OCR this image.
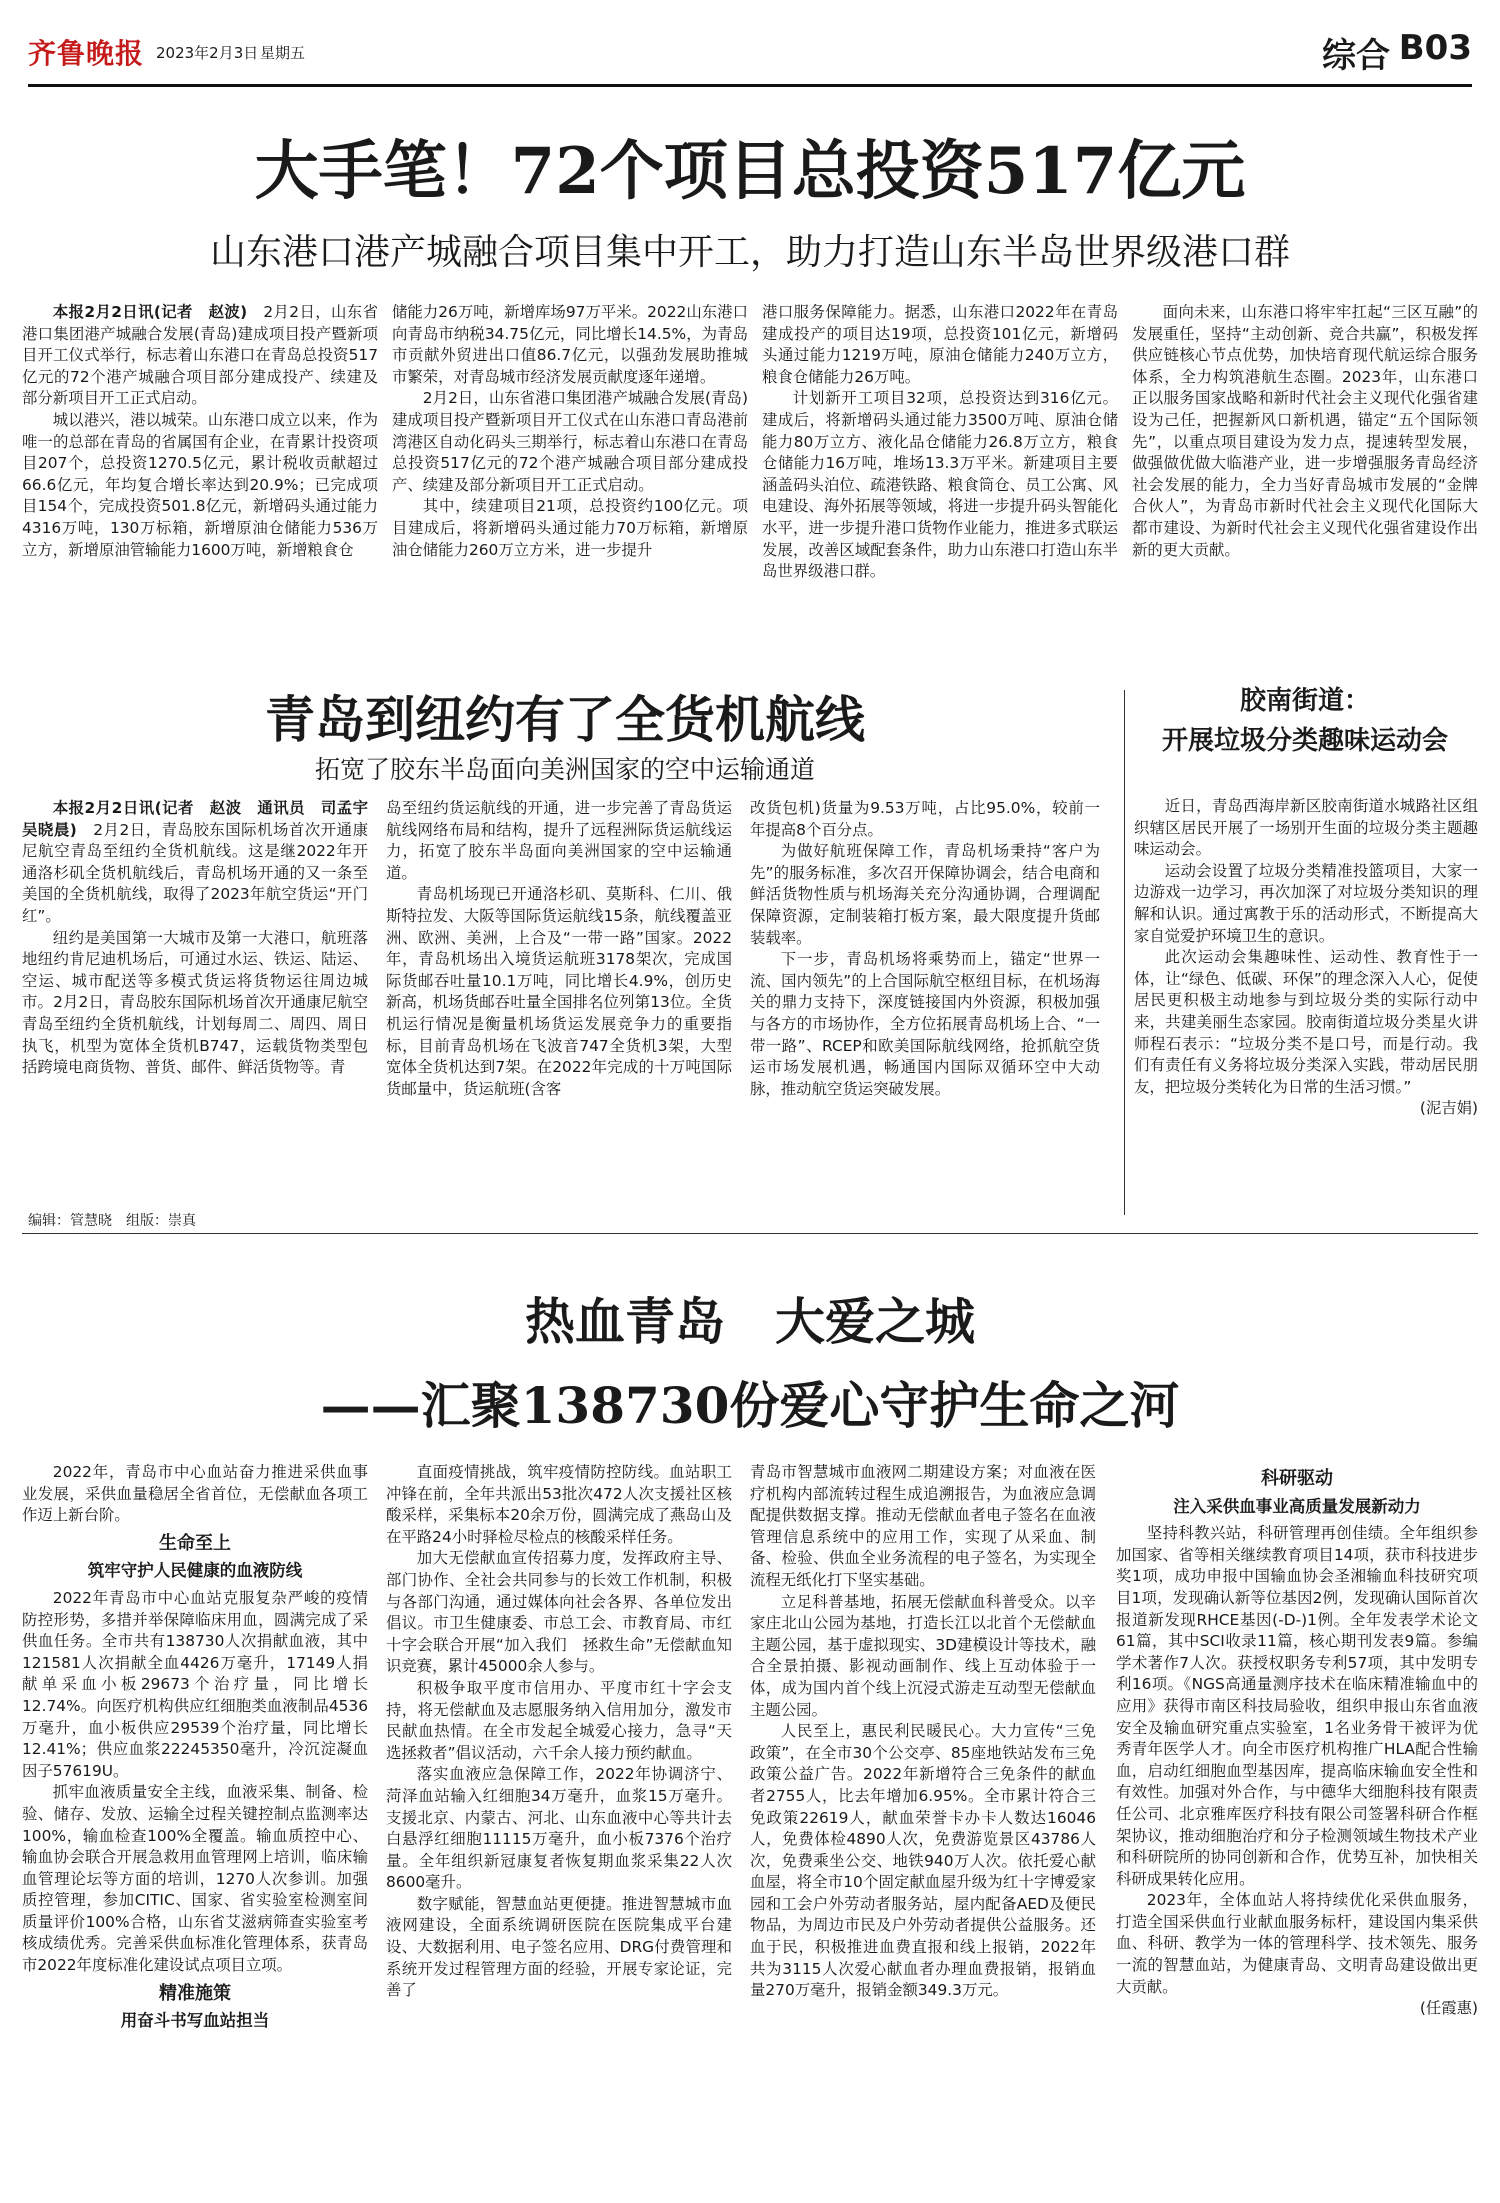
齐鲁晚报 2023年2月3日 星期五	综合 B03
大手笔！72个项目总投资517亿元
山东港口港产城融合项目集中开工，助力打造山东半岛世界级港口群

本报2月2日讯(记者　赵波)　 2月2日，山东省港口集团港产城融合发展(青岛)建成项目投产暨新项目开工仪式举行，标志着山东港口在青岛总投资517亿元的72个港产城融合项目部分建成投产、续建及部分新项目开工正式启动。

城以港兴，港以城荣。山东港口成立以来，作为唯一的总部在青岛的省属国有企业，在青累计投资项目207个，总投资1270.5亿元，累计税收贡献超过66.6亿元，年均复合增长率达到20.9%；已完成项目154个，完成投资501.8亿元，新增码头通过能力4316万吨，130万标箱，新增原油仓储能力536万立方，新增原油管输能力1600万吨，新增粮食仓

储能力26万吨，新增库场97万平米。2022山东港口向青岛市纳税34.75亿元，同比增长14.5%，为青岛市贡献外贸进出口值86.7亿元，以强劲发展助推城市繁荣，对青岛城市经济发展贡献度逐年递增。

2月2日，山东省港口集团港产城融合发展(青岛)建成项目投产暨新项目开工仪式在山东港口青岛港前湾港区自动化码头三期举行，标志着山东港口在青岛总投资517亿元的72个港产城融合项目部分建成投产、续建及部分新项目开工正式启动。

其中，续建项目21项，总投资约100亿元。项目建成后，将新增码头通过能力70万标箱，新增原油仓储能力260万立方米，进一步提升

港口服务保障能力。据悉，山东港口2022年在青岛建成投产的项目达19项，总投资101亿元，新增码头通过能力1219万吨，原油仓储能力240万立方，粮食仓储能力26万吨。

计划新开工项目32项，总投资达到316亿元。建成后，将新增码头通过能力3500万吨、原油仓储能力80万立方、液化品仓储能力26.8万立方，粮食仓储能力16万吨，堆场13.3万平米。新建项目主要涵盖码头泊位、疏港铁路、粮食筒仓、员工公寓、风电建设、海外拓展等领域，将进一步提升码头智能化水平，进一步提升港口货物作业能力，推进多式联运发展，改善区域配套条件，助力山东港口打造山东半岛世界级港口群。

面向未来，山东港口将牢牢扛起“三区互融”的发展重任，坚持“主动创新、竞合共赢”，积极发挥供应链核心节点优势，加快培育现代航运综合服务体系，全力构筑港航生态圈。2023年，山东港口正以服务国家战略和新时代社会主义现代化强省建设为己任，把握新风口新机遇，锚定“五个国际领先”，以重点项目建设为发力点，提速转型发展，做强做优做大临港产业，进一步增强服务青岛经济社会发展的能力，全力当好青岛城市发展的“金牌合伙人”，为青岛市新时代社会主义现代化国际大都市建设、为新时代社会主义现代化强省建设作出新的更大贡献。

青岛到纽约有了全货机航线
拓宽了胶东半岛面向美洲国家的空中运输通道

本报2月2日讯(记者　赵波　通讯员　司孟宇　吴晓晨)　 2月2日，青岛胶东国际机场首次开通康尼航空青岛至纽约全货机航线。这是继2022年开通洛杉矶全货机航线后，青岛机场开通的又一条至美国的全货机航线，取得了2023年航空货运“开门红”。

纽约是美国第一大城市及第一大港口，航班落地纽约肯尼迪机场后，可通过水运、铁运、陆运、空运、城市配送等多模式货运将货物运往周边城市。2月2日，青岛胶东国际机场首次开通康尼航空青岛至纽约全货机航线，计划每周二、周四、周日执飞，机型为宽体全货机B747，运载货物类型包括跨境电商货物、普货、邮件、鲜活货物等。青

岛至纽约货运航线的开通，进一步完善了青岛货运航线网络布局和结构，提升了远程洲际货运航线运力，拓宽了胶东半岛面向美洲国家的空中运输通道。

青岛机场现已开通洛杉矶、莫斯科、仁川、俄斯特拉发、大阪等国际货运航线15条，航线覆盖亚洲、欧洲、美洲，上合及“一带一路”国家。2022年，青岛机场出入境货运航班3178架次，完成国际货邮吞吐量10.1万吨，同比增长4.9%，创历史新高，机场货邮吞吐量全国排名位列第13位。全货机运行情况是衡量机场货运发展竞争力的重要指标，目前青岛机场在飞波音747全货机3架，大型宽体全货机达到7架。在2022年完成的十万吨国际货邮量中，货运航班(含客

改货包机)货量为9.53万吨，占比95.0%，较前一年提高8个百分点。

为做好航班保障工作，青岛机场秉持“客户为先”的服务标准，多次召开保障协调会，结合电商和鲜活货物性质与机场海关充分沟通协调，合理调配保障资源，定制装箱打板方案，最大限度提升货邮装载率。

下一步，青岛机场将乘势而上，锚定“世界一流、国内领先”的上合国际航空枢纽目标，在机场海关的鼎力支持下，深度链接国内外资源，积极加强与各方的市场协作，全方位拓展青岛机场上合、“一带一路”、RCEP和欧美国际航线网络，抢抓航空货运市场发展机遇，畅通国内国际双循环空中大动脉，推动航空货运突破发展。

胶南街道：
开展垃圾分类趣味运动会

近日，青岛西海岸新区胶南街道水城路社区组织辖区居民开展了一场别开生面的垃圾分类主题趣味运动会。

运动会设置了垃圾分类精准投篮项目，大家一边游戏一边学习，再次加深了对垃圾分类知识的理解和认识。通过寓教于乐的活动形式，不断提高大家自觉爱护环境卫生的意识。

此次运动会集趣味性、运动性、教育性于一体，让“绿色、低碳、环保”的理念深入人心，促使居民更积极主动地参与到垃圾分类的实际行动中来，共建美丽生态家园。胶南街道垃圾分类星火讲师程石表示：“垃圾分类不是口号，而是行动。我们有责任有义务将垃圾分类深入实践，带动居民朋友，把垃圾分类转化为日常的生活习惯。”

(泥吉娟)

编辑：管慧晓　组版：崇真
热血青岛　大爱之城
——汇聚138730份爱心守护生命之河

2022年，青岛市中心血站奋力推进采供血事业发展，采供血量稳居全省首位，无偿献血各项工作迈上新台阶。

生命至上

筑牢守护人民健康的血液防线

2022年青岛市中心血站克服复杂严峻的疫情防控形势，多措并举保障临床用血，圆满完成了采供血任务。全市共有138730人次捐献血液，其中121581人次捐献全血4426万毫升，17149人捐献单采血小板29673个治疗量，同比增长12.74%。向医疗机构供应红细胞类血液制品4536万毫升，血小板供应29539个治疗量，同比增长12.41%；供应血浆22245350毫升，冷沉淀凝血因子57619U。

抓牢血液质量安全主线，血液采集、制备、检验、储存、发放、运输全过程关键控制点监测率达100%，输血检查100%全覆盖。输血质控中心、输血协会联合开展急救用血管理网上培训，临床输血管理论坛等方面的培训，1270人次参训。加强质控管理，参加CITIC、国家、省实验室检测室间质量评价100%合格，山东省艾滋病筛查实验室考核成绩优秀。完善采供血标准化管理体系，获青岛市2022年度标准化建设试点项目立项。

精准施策

用奋斗书写血站担当

直面疫情挑战，筑牢疫情防控防线。血站职工冲锋在前，全年共派出53批次472人次支援社区核酸采样，采集标本20余万份，圆满完成了燕岛山及在平路24小时驿检尽检点的核酸采样任务。

加大无偿献血宣传招募力度，发挥政府主导、部门协作、全社会共同参与的长效工作机制，积极与各部门沟通，通过媒体向社会各界、各单位发出倡议。市卫生健康委、市总工会、市教育局、市红十字会联合开展“加入我们　拯救生命”无偿献血知识竞赛，累计45000余人参与。

积极争取平度市信用办、平度市红十字会支持，将无偿献血及志愿服务纳入信用加分，激发市民献血热情。在全市发起全城爱心接力，急寻“天选拯救者”倡议活动，六千余人接力预约献血。

落实血液应急保障工作，2022年协调济宁、菏泽血站输入红细胞34万毫升，血浆15万毫升。支援北京、内蒙古、河北、山东血液中心等共计去白悬浮红细胞11115万毫升，血小板7376个治疗量。全年组织新冠康复者恢复期血浆采集22人次8600毫升。

数字赋能，智慧血站更便捷。推进智慧城市血液网建设，全面系统调研医院在医院集成平台建设、大数据利用、电子签名应用、DRG付费管理和系统开发过程管理方面的经验，开展专家论证，完善了

青岛市智慧城市血液网二期建设方案；对血液在医疗机构内部流转过程生成追溯报告，为血液应急调配提供数据支撑。推动无偿献血者电子签名在血液管理信息系统中的应用工作，实现了从采血、制备、检验、供血全业务流程的电子签名，为实现全流程无纸化打下坚实基础。

立足科普基地，拓展无偿献血科普受众。以辛家庄北山公园为基地，打造长江以北首个无偿献血主题公园，基于虚拟现实、3D建模设计等技术，融合全景拍摄、影视动画制作、线上互动体验于一体，成为国内首个线上沉浸式游走互动型无偿献血主题公园。

人民至上，惠民利民暖民心。大力宣传“三免政策”，在全市30个公交亭、85座地铁站发布三免政策公益广告。2022年新增符合三免条件的献血者2755人，比去年增加6.95%。全市累计符合三免政策22619人，献血荣誉卡办卡人数达16046人，免费体检4890人次，免费游览景区43786人次，免费乘坐公交、地铁940万人次。依托爱心献血屋，将全市10个固定献血屋升级为红十字博爱家园和工会户外劳动者服务站，屋内配备AED及便民物品，为周边市民及户外劳动者提供公益服务。还血于民，积极推进血费直报和线上报销，2022年共为3115人次爱心献血者办理血费报销，报销血量270万毫升，报销金额349.3万元。

科研驱动

注入采供血事业高质量发展新动力

坚持科教兴站，科研管理再创佳绩。全年组织参加国家、省等相关继续教育项目14项，获市科技进步奖1项，成功申报中国输血协会圣湘输血科技研究项目1项，发现确认新等位基因2例，发现确认国际首次报道新发现RHCE基因(-D-)1例。全年发表学术论文61篇，其中SCI收录11篇，核心期刊发表9篇。参编学术著作7人次。获授权职务专利57项，其中发明专利16项。《NGS高通量测序技术在临床精准输血中的应用》获得市南区科技局验收，组织申报山东省血液安全及输血研究重点实验室，1名业务骨干被评为优秀青年医学人才。向全市医疗机构推广HLA配合性输血，启动红细胞血型基因库，提高临床输血安全性和有效性。加强对外合作，与中德华大细胞科技有限责任公司、北京雅库医疗科技有限公司签署科研合作框架协议，推动细胞治疗和分子检测领域生物技术产业和科研院所的协同创新和合作，优势互补，加快相关科研成果转化应用。

2023年，全体血站人将持续优化采供血服务，打造全国采供血行业献血服务标杆，建设国内集采供血、科研、教学为一体的管理科学、技术领先、服务一流的智慧血站，为健康青岛、文明青岛建设做出更大贡献。

(任霞惠)
